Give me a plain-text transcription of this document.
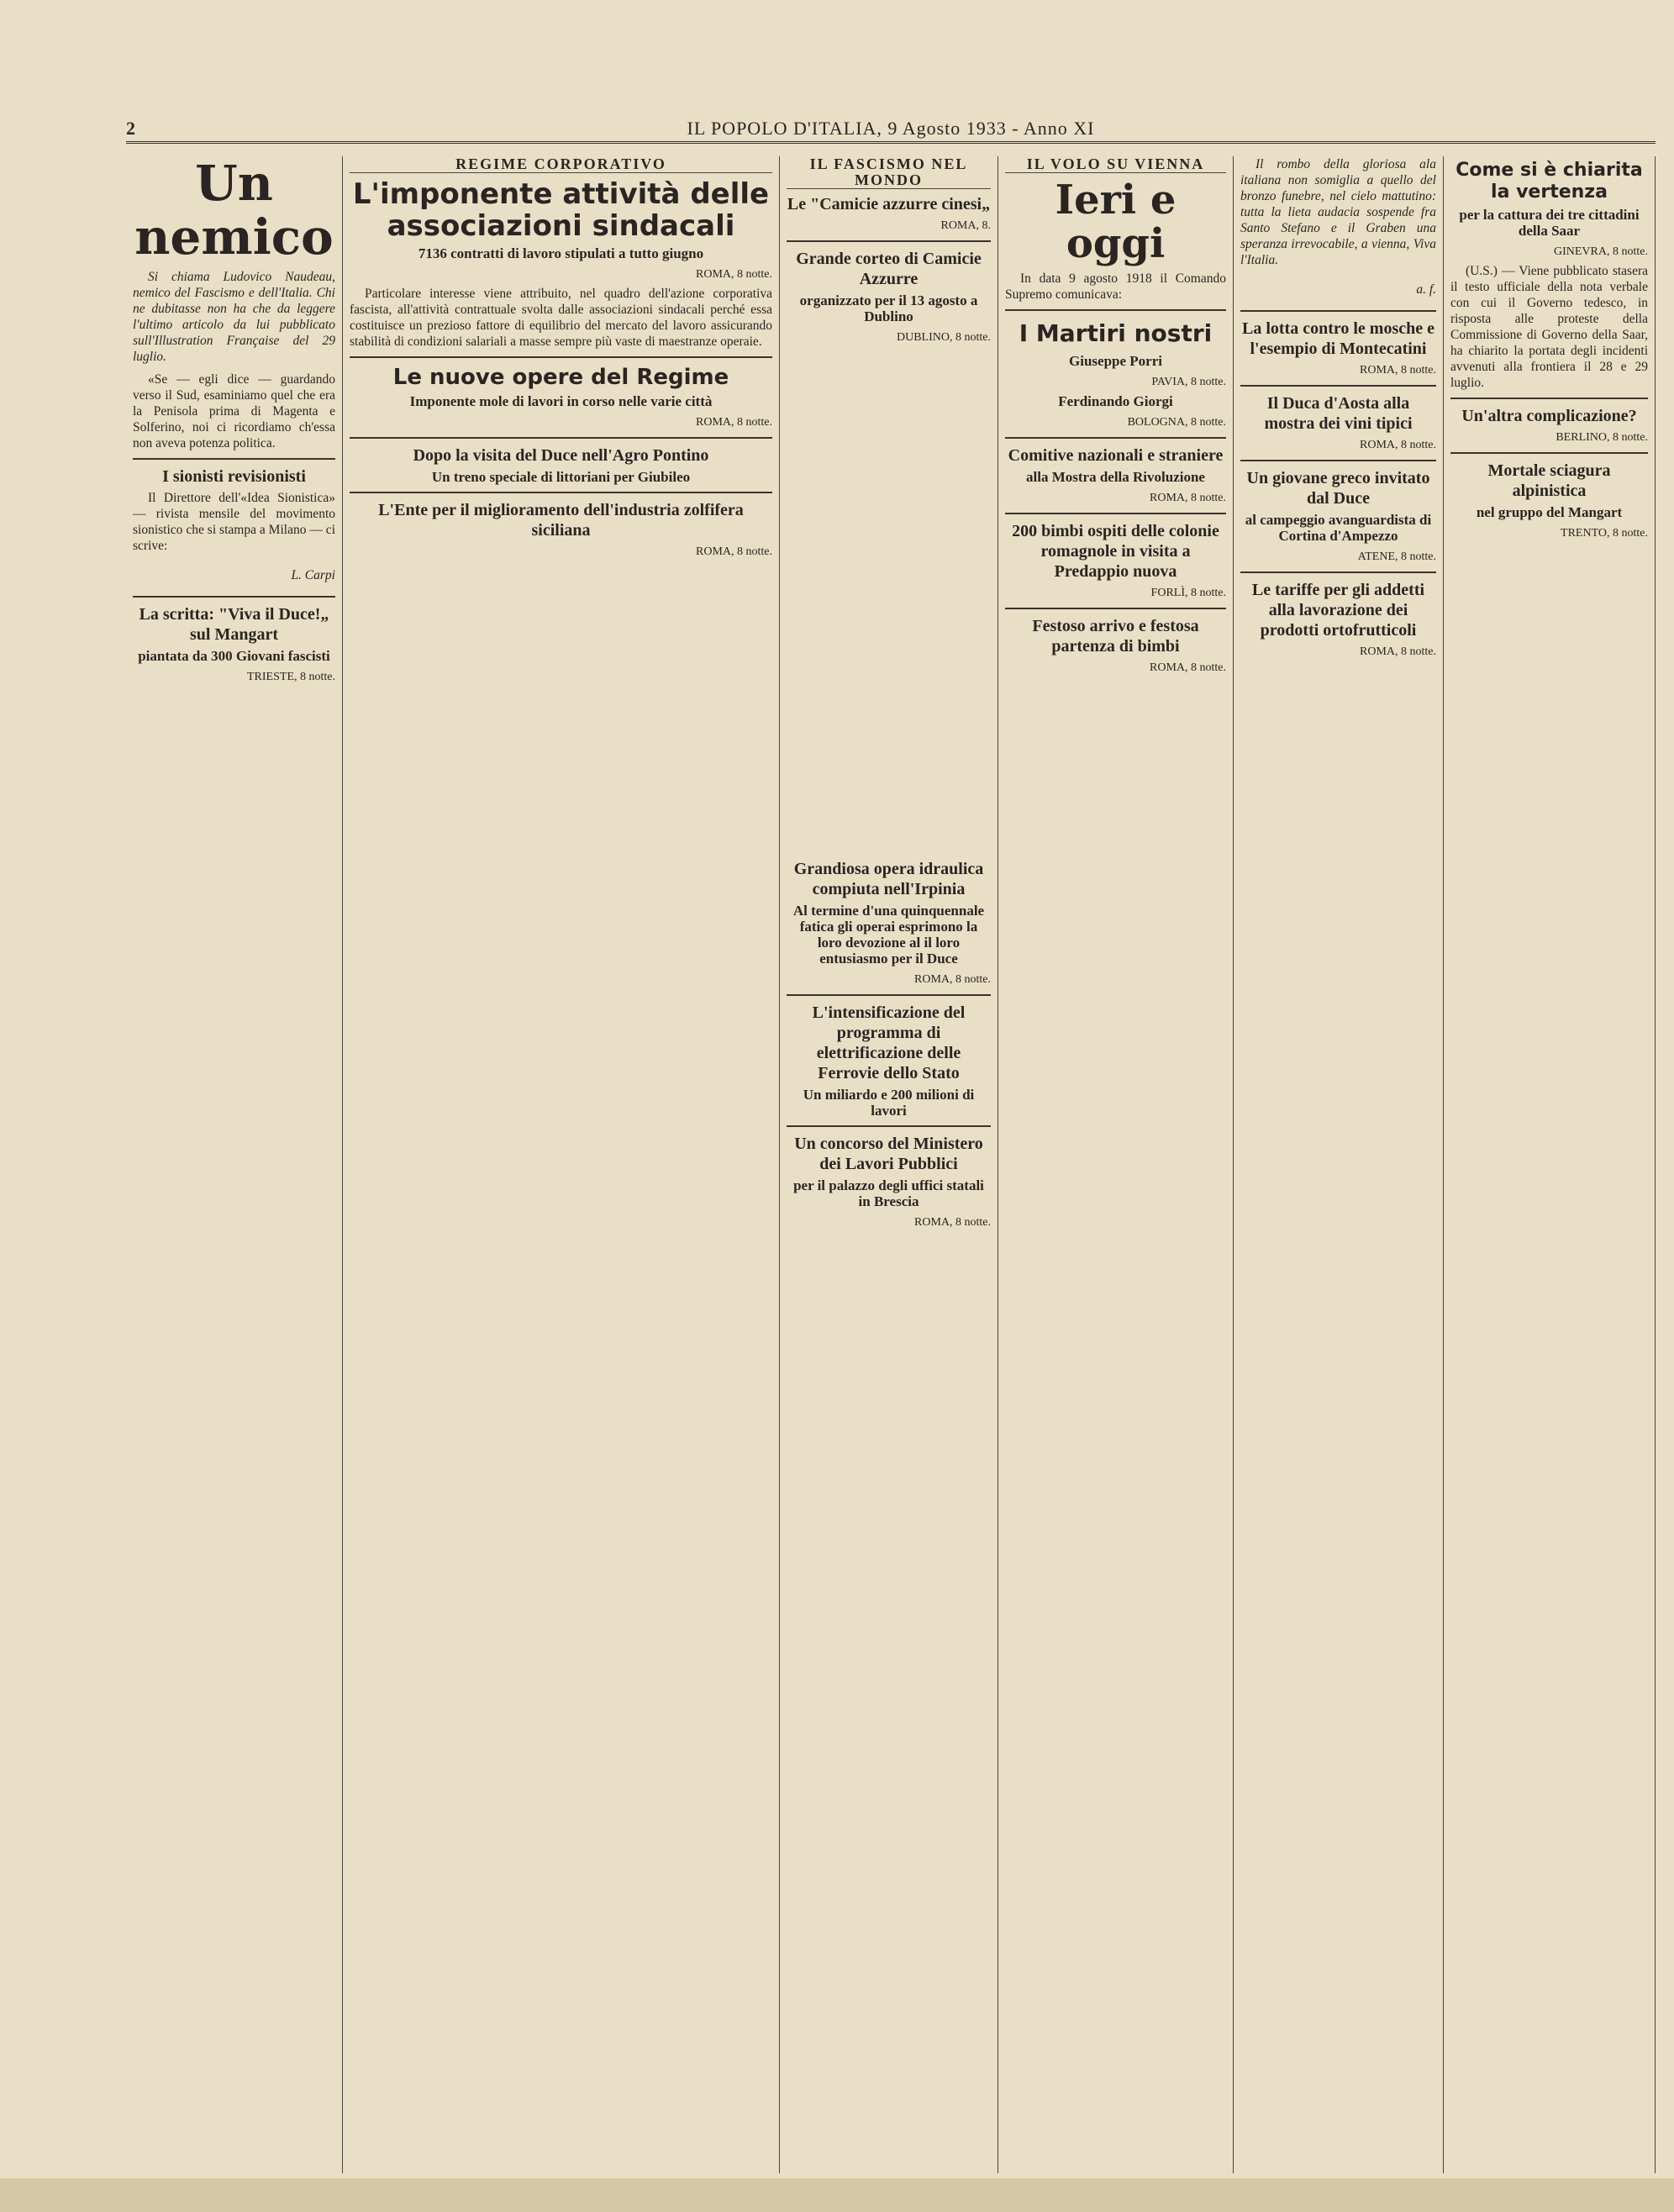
2	IL POPOLO D'ITALIA, 9 Agosto 1933 - Anno XI
Un nemico

Si chiama Ludovico Naudeau, nemico del Fascismo e dell'Italia. Chi ne dubitasse non ha che da leggere l'ultimo articolo da lui pubblicato sull'Illustration Française del 29 luglio.

«Se — egli dice — guardando verso il Sud, esaminiamo quel che era la Penisola prima di Magenta e Solferino, noi ci ricordiamo ch'essa non aveva potenza politica.

I sionisti revisionisti

Il Direttore dell'«Idea Sionistica» — rivista mensile del movimento sionistico che si stampa a Milano — ci scrive:

L. Carpi

La scritta: "Viva il Duce!„ sul Mangart
piantata da 300 Giovani fascisti
TRIESTE, 8 notte.
REGIME CORPORATIVO
L'imponente attività delle associazioni sindacali
7136 contratti di lavoro stipulati a tutto giugno
ROMA, 8 notte.

Particolare interesse viene attribuito, nel quadro dell'azione corporativa fascista, all'attività contrattuale svolta dalle associazioni sindacali perché essa costituisce un prezioso fattore di equilibrio del mercato del lavoro assicurando stabilità di condizioni salariali a masse sempre più vaste di maestranze operaie.

Le nuove opere del Regime
Imponente mole di lavori in corso nelle varie città
ROMA, 8 notte.
Dopo la visita del Duce nell'Agro Pontino
Un treno speciale di littoriani per Giubileo
L'Ente per il miglioramento dell'industria zolfifera siciliana
ROMA, 8 notte.
Grandiosa opera idraulica compiuta nell'Irpinia
Al termine d'una quinquennale fatica gli operai esprimono la loro devozione al il loro entusiasmo per il Duce
ROMA, 8 notte.
L'intensificazione del programma di elettrificazione delle Ferrovie dello Stato
Un miliardo e 200 milioni di lavori
Un concorso del Ministero dei Lavori Pubblici
per il palazzo degli uffici statali in Brescia
ROMA, 8 notte.
IL FASCISMO NEL MONDO
Le "Camicie azzurre cinesi„
ROMA, 8.
Grande corteo di Camicie Azzurre
organizzato per il 13 agosto a Dublino
DUBLINO, 8 notte.
IL VOLO SU VIENNA
Ieri e oggi

In data 9 agosto 1918 il Comando Supremo comunicava:

I Martiri nostri
Giuseppe Porri
PAVIA, 8 notte.
Ferdinando Giorgi
BOLOGNA, 8 notte.
Comitive nazionali e straniere
alla Mostra della Rivoluzione
ROMA, 8 notte.
200 bimbi ospiti delle colonie romagnole in visita a Predappio nuova
FORLÌ, 8 notte.
Festoso arrivo e festosa partenza di bimbi
ROMA, 8 notte.

Il rombo della gloriosa ala italiana non somiglia a quello del bronzo funebre, nel cielo mattutino: tutta la lieta audacia sospende fra Santo Stefano e il Graben una speranza irrevocabile, a vienna, Viva l'Italia.

a. f.

La lotta contro le mosche e l'esempio di Montecatini
ROMA, 8 notte.
Il Duca d'Aosta alla mostra dei vini tipici
ROMA, 8 notte.
Un giovane greco invitato dal Duce
al campeggio avanguardista di Cortina d'Ampezzo
ATENE, 8 notte.
Le tariffe per gli addetti alla lavorazione dei prodotti ortofrutticoli
ROMA, 8 notte.
Come si è chiarita la vertenza
per la cattura dei tre cittadini della Saar
GINEVRA, 8 notte.

(U.S.) — Viene pubblicato stasera il testo ufficiale della nota verbale con cui il Governo tedesco, in risposta alle proteste della Commissione di Governo della Saar, ha chiarito la portata degli incidenti avvenuti alla frontiera il 28 e 29 luglio.

Un'altra complicazione?
BERLINO, 8 notte.
Mortale sciagura alpinistica
nel gruppo del Mangart
TRENTO, 8 notte.
